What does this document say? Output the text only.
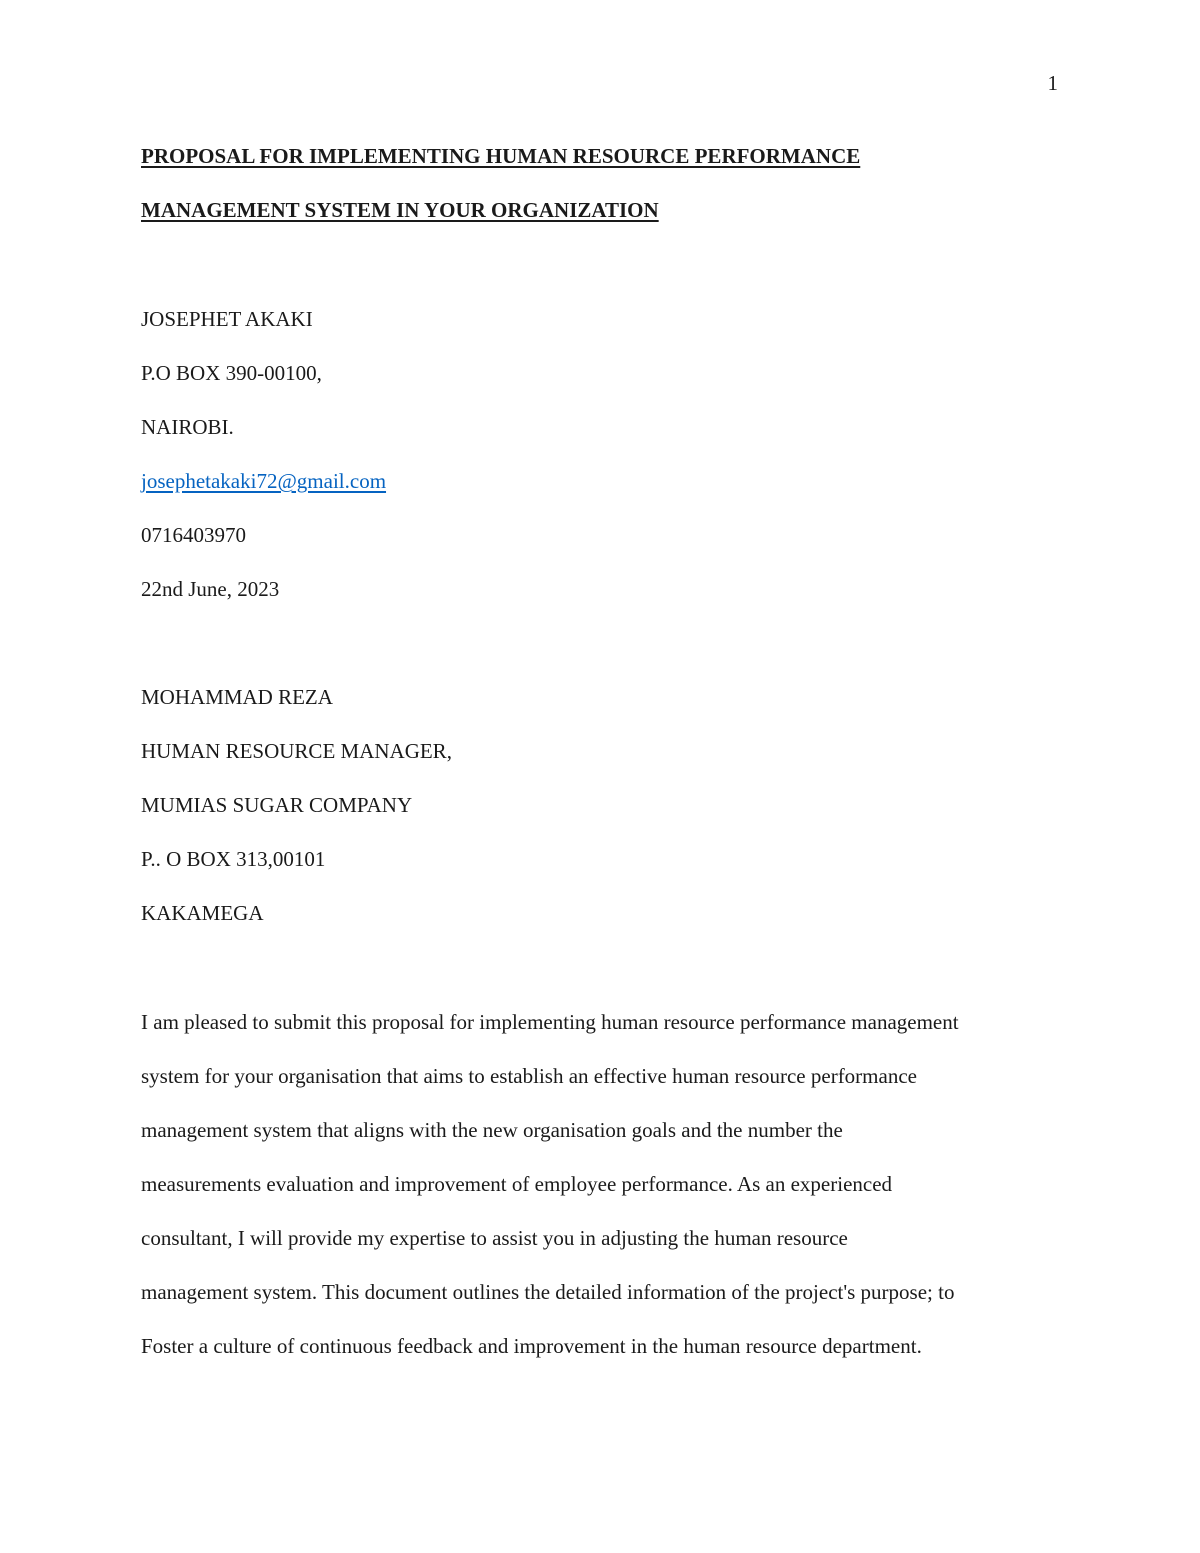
1
PROPOSAL FOR IMPLEMENTING HUMAN RESOURCE PERFORMANCE
MANAGEMENT SYSTEM IN YOUR ORGANIZATION
JOSEPHET AKAKI
P.O BOX 390-00100,
NAIROBI.
josephetakaki72@gmail.com
0716403970
22nd June, 2023
MOHAMMAD REZA
HUMAN RESOURCE MANAGER,
MUMIAS SUGAR COMPANY
P.. O BOX 313,00101
KAKAMEGA
I am pleased to submit this proposal for implementing human resource performance management
system for your organisation that aims to establish an effective human resource performance
management system that aligns with the new organisation goals and the number the
measurements evaluation and improvement of employee performance. As an experienced
consultant, I will provide my expertise to assist you in adjusting the human resource
management system. This document outlines the detailed information of the project's purpose; to
Foster a culture of continuous feedback and improvement in the human resource department.
